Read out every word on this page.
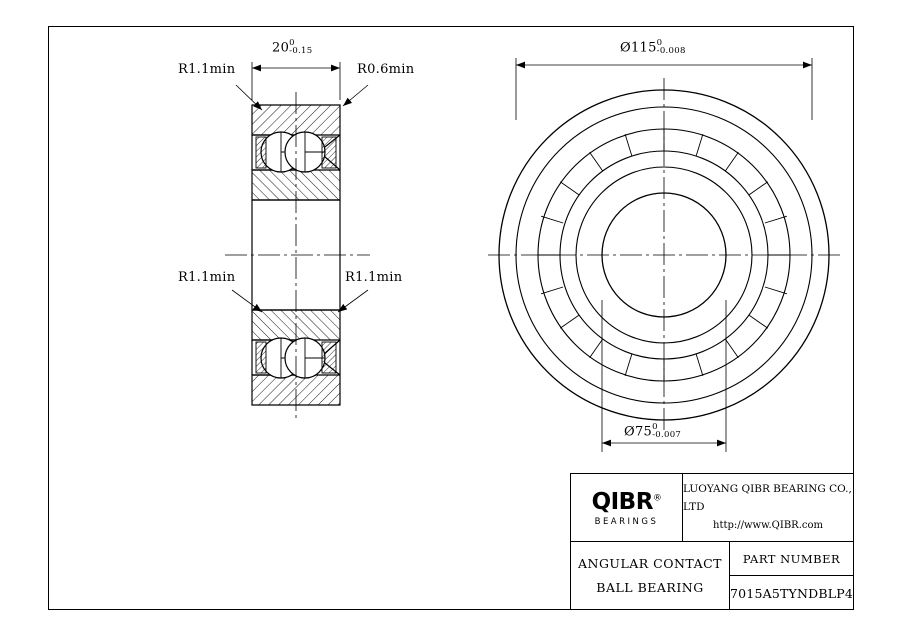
20 0
-0.15
R1.1min	R0.6min
R1.1min	R1.1min
Ø115 0
-0.008
Ø75 0
-0.007
QIBR®
BEARINGS
LUOYANG QIBR BEARING CO., LTD
http://www.QIBR.com
ANGULAR CONTACT
BALL BEARING
PART NUMBER
7015A5TYNDBLP4
